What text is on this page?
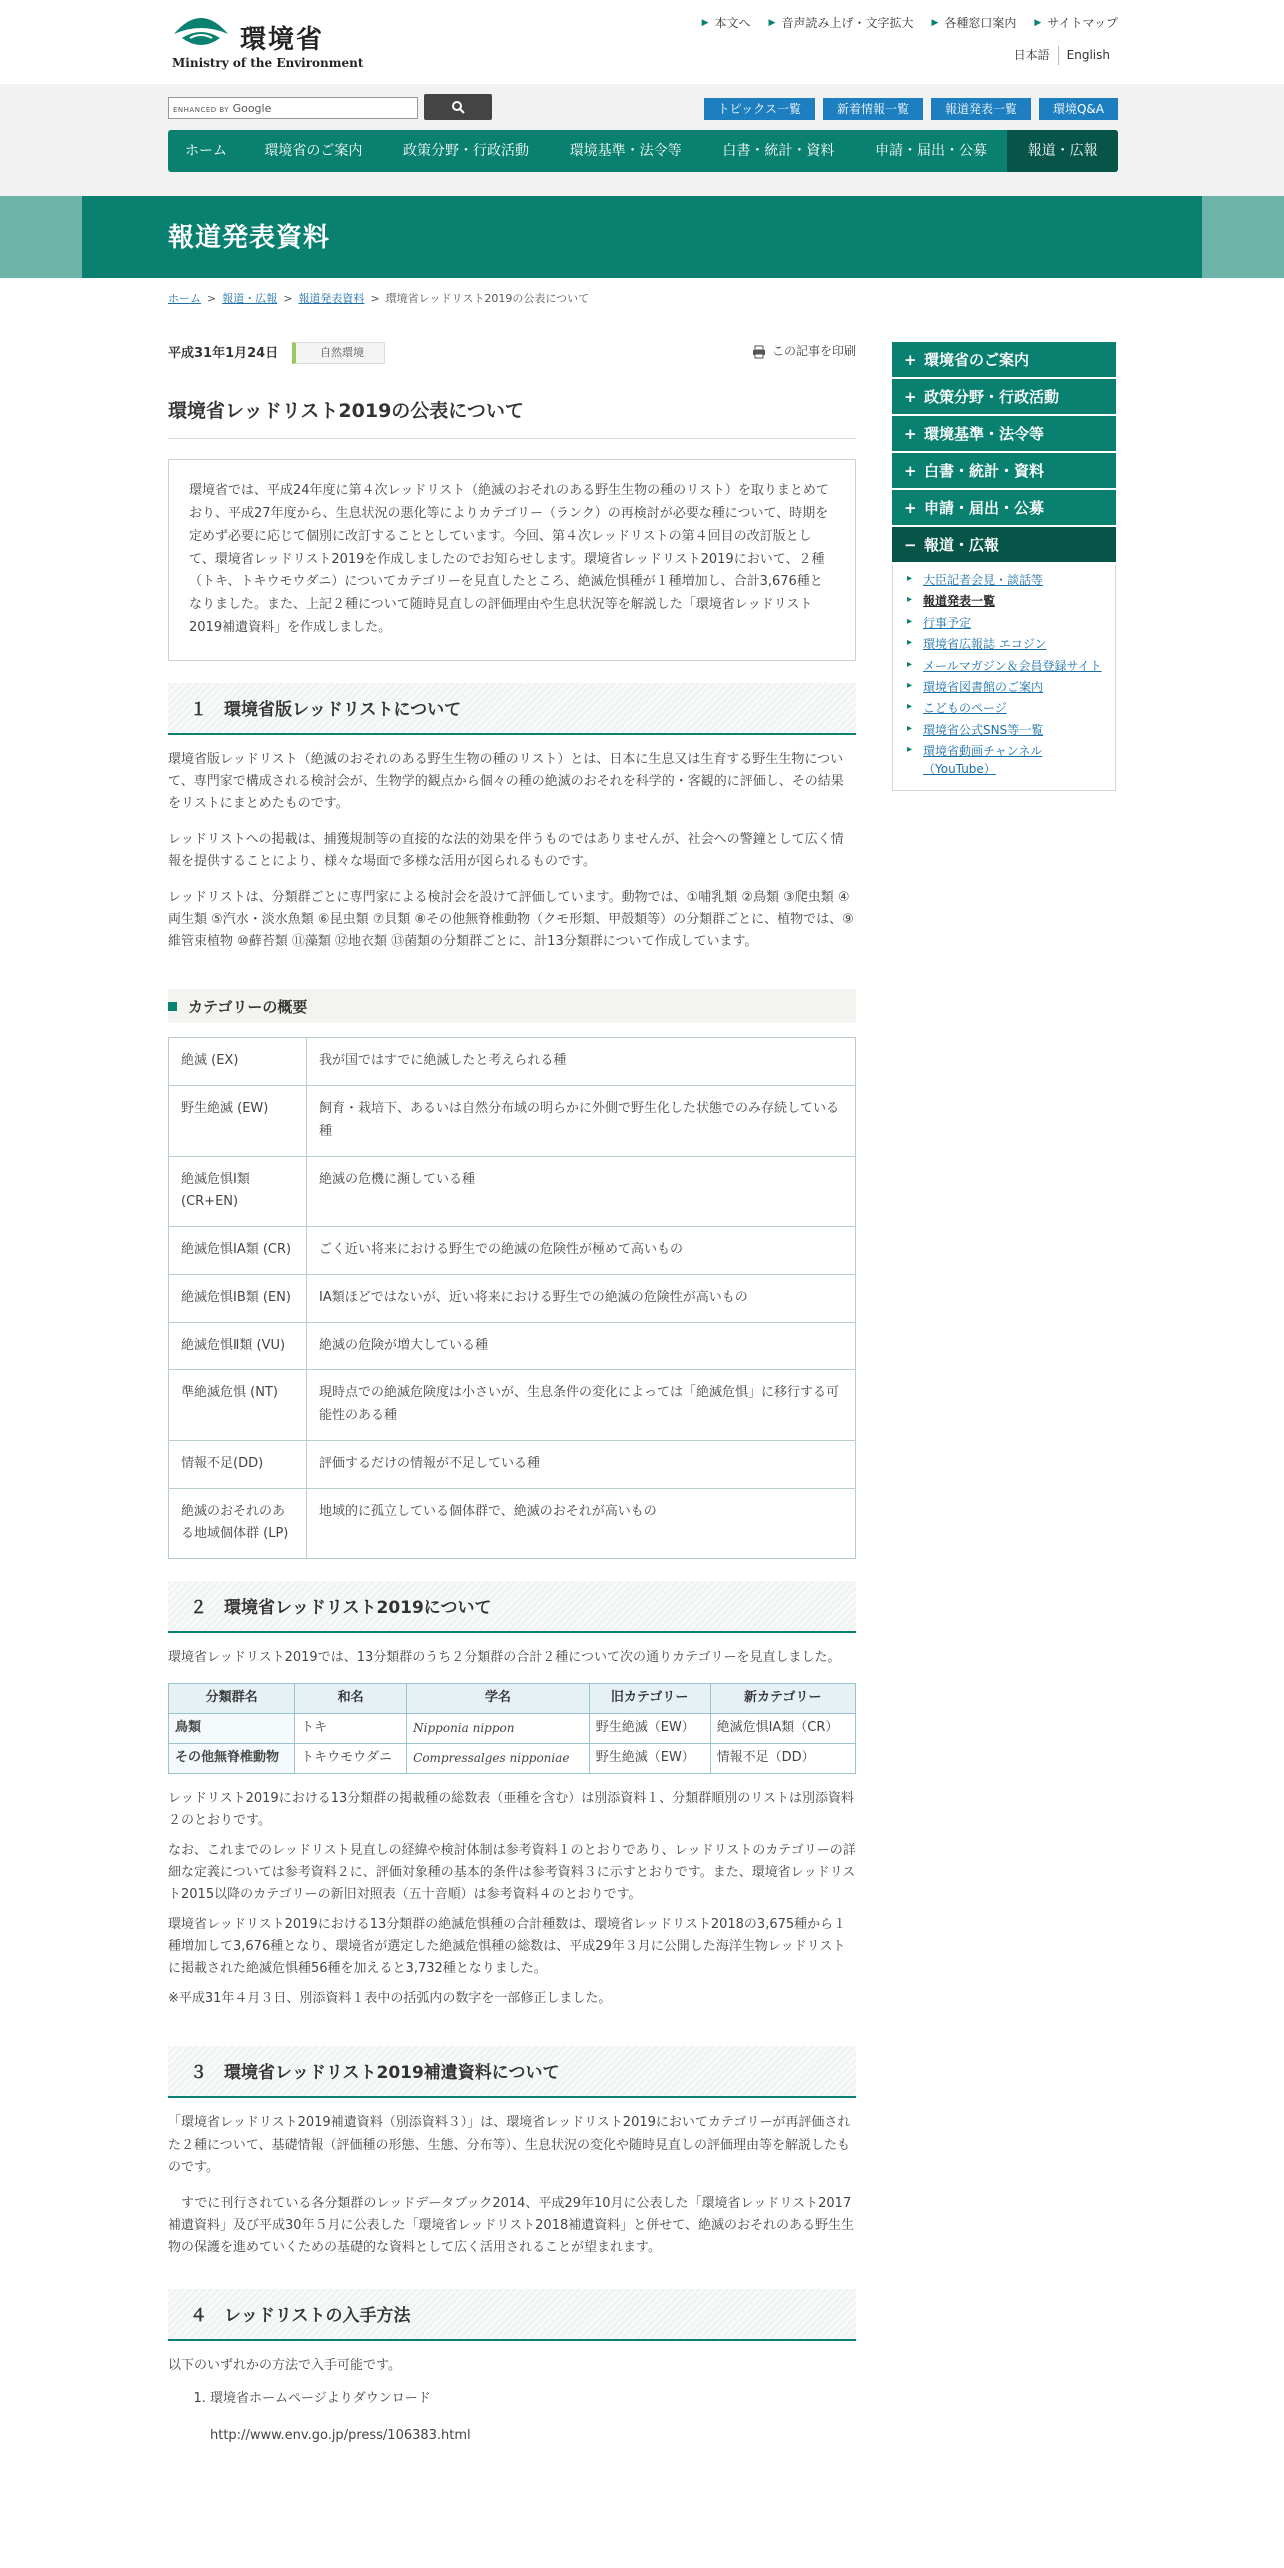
環境省
Ministry of the Environment
▶ 本文へ ▶ 音声読み上げ・文字拡大 ▶ 各種窓口案内 ▶ サイトマップ
日本語	English
ENHANCED BY Google	トピックス一覧	新着情報一覧	報道発表一覧	環境Q&A
ホーム	環境省のご案内	政策分野・行政活動	環境基準・法令等	白書・統計・資料	申請・届出・公募	報道・広報
報道発表資料
ホーム > 報道・広報 > 報道発表資料 > 環境省レッドリスト2019の公表について
平成31年1月24日	自然環境	この記事を印刷
環境省レッドリスト2019の公表について
環境省では、平成24年度に第４次レッドリスト（絶滅のおそれのある野生生物の種のリスト）を取りまとめており、平成27年度から、生息状況の悪化等によりカテゴリー（ランク）の再検討が必要な種について、時期を定めず必要に応じて個別に改訂することとしています。今回、第４次レッドリストの第４回目の改訂版として、環境省レッドリスト2019を作成しましたのでお知らせします。環境省レッドリスト2019において、２種（トキ、トキウモウダニ）についてカテゴリーを見直したところ、絶滅危惧種が１種増加し、合計3,676種となりました。また、上記２種について随時見直しの評価理由や生息状況等を解説した「環境省レッドリスト2019補遺資料」を作成しました。
１　環境省版レッドリストについて

環境省版レッドリスト（絶滅のおそれのある野生生物の種のリスト）とは、日本に生息又は生育する野生生物について、専門家で構成される検討会が、生物学的観点から個々の種の絶滅のおそれを科学的・客観的に評価し、その結果をリストにまとめたものです。

レッドリストへの掲載は、捕獲規制等の直接的な法的効果を伴うものではありませんが、社会への警鐘として広く情報を提供することにより、様々な場面で多様な活用が図られるものです。

レッドリストは、分類群ごとに専門家による検討会を設けて評価しています。動物では、①哺乳類 ②鳥類 ③爬虫類 ④両生類 ⑤汽水・淡水魚類 ⑥昆虫類 ⑦貝類 ⑧その他無脊椎動物（クモ形類、甲殻類等）の分類群ごとに、植物では、⑨維管束植物 ⑩蘚苔類 ⑪藻類 ⑫地衣類 ⑬菌類の分類群ごとに、計13分類群について作成しています。

カテゴリーの概要
絶滅 (EX)	我が国ではすでに絶滅したと考えられる種
野生絶滅 (EW)	飼育・栽培下、あるいは自然分布域の明らかに外側で野生化した状態でのみ存続している種
絶滅危惧Ⅰ類 (CR+EN)	絶滅の危機に瀕している種
絶滅危惧ⅠA類 (CR)	ごく近い将来における野生での絶滅の危険性が極めて高いもの
絶滅危惧ⅠB類 (EN)	ⅠA類ほどではないが、近い将来における野生での絶滅の危険性が高いもの
絶滅危惧Ⅱ類 (VU)	絶滅の危険が増大している種
準絶滅危惧 (NT)	現時点での絶滅危険度は小さいが、生息条件の変化によっては「絶滅危惧」に移行する可能性のある種
情報不足(DD)	評価するだけの情報が不足している種
絶滅のおそれのある地域個体群 (LP)	地域的に孤立している個体群で、絶滅のおそれが高いもの
２　環境省レッドリスト2019について

環境省レッドリスト2019では、13分類群のうち２分類群の合計２種について次の通りカテゴリーを見直しました。

分類群名	和名	学名	旧カテゴリー	新カテゴリー
鳥類	トキ	Nipponia nippon	野生絶滅（EW）	絶滅危惧ⅠA類（CR）
その他無脊椎動物	トキウモウダニ	Compressalges nipponiae	野生絶滅（EW）	情報不足（DD）

レッドリスト2019における13分類群の掲載種の総数表（亜種を含む）は別添資料１、分類群順別のリストは別添資料２のとおりです。

なお、これまでのレッドリスト見直しの経緯や検討体制は参考資料１のとおりであり、レッドリストのカテゴリーの詳細な定義については参考資料２に、評価対象種の基本的条件は参考資料３に示すとおりです。また、環境省レッドリスト2015以降のカテゴリーの新旧対照表（五十音順）は参考資料４のとおりです。

環境省レッドリスト2019における13分類群の絶滅危惧種の合計種数は、環境省レッドリスト2018の3,675種から１種増加して3,676種となり、環境省が選定した絶滅危惧種の総数は、平成29年３月に公開した海洋生物レッドリストに掲載された絶滅危惧種56種を加えると3,732種となりました。

※平成31年４月３日、別添資料１表中の括弧内の数字を一部修正しました。

３　環境省レッドリスト2019補遺資料について

「環境省レッドリスト2019補遺資料（別添資料３）」は、環境省レッドリスト2019においてカテゴリーが再評価された２種について、基礎情報（評価種の形態、生態、分布等）、生息状況の変化や随時見直しの評価理由等を解説したものです。

　すでに刊行されている各分類群のレッドデータブック2014、平成29年10月に公表した「環境省レッドリスト2017補遺資料」及び平成30年５月に公表した「環境省レッドリスト2018補遺資料」と併せて、絶滅のおそれのある野生生物の保護を進めていくための基礎的な資料として広く活用されることが望まれます。

４　レッドリストの入手方法

以下のいずれかの方法で入手可能です。

1. 環境省ホームページよりダウンロード
http://www.env.go.jp/press/106383.html
+ 環境省のご案内
+ 政策分野・行政活動
+ 環境基準・法令等
+ 白書・統計・資料
+ 申請・届出・公募
− 報道・広報
▸ 大臣記者会見・談話等
▸ 報道発表一覧
▸ 行事予定
▸ 環境省広報誌 エコジン
▸ メールマガジン＆会員登録サイト
▸ 環境省図書館のご案内
▸ こどものページ
▸ 環境省公式SNS等一覧
▸ 環境省動画チャンネル（YouTube）
